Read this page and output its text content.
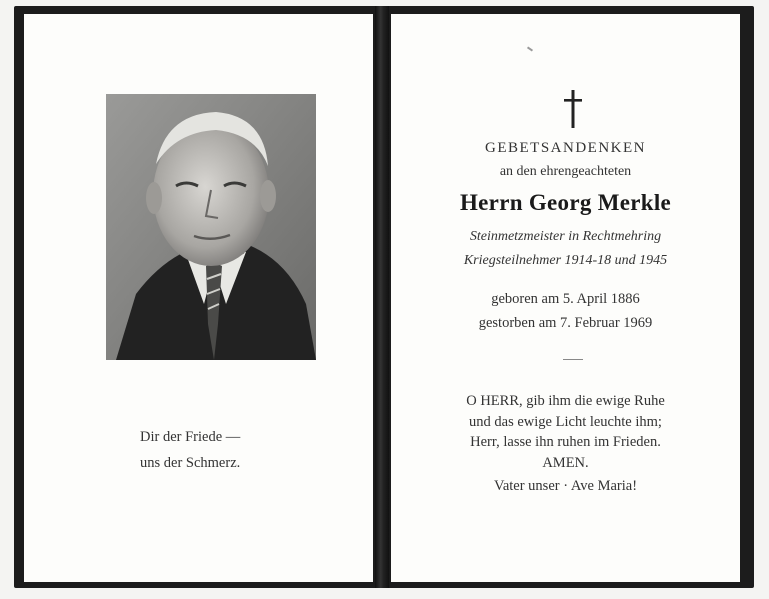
Dir der Friede —
uns der Schmerz.
GEBETSANDENKEN
an den ehrengeachteten
Herrn Georg Merkle
Steinmetzmeister in Rechtmehring
Kriegsteilnehmer 1914-18 und 1945
geboren am 5. April 1886
gestorben am 7. Februar 1969
O HERR, gib ihm die ewige Ruhe
und das ewige Licht leuchte ihm;
Herr, lasse ihn ruhen im Frieden.
AMEN.
Vater unser · Ave Maria!
